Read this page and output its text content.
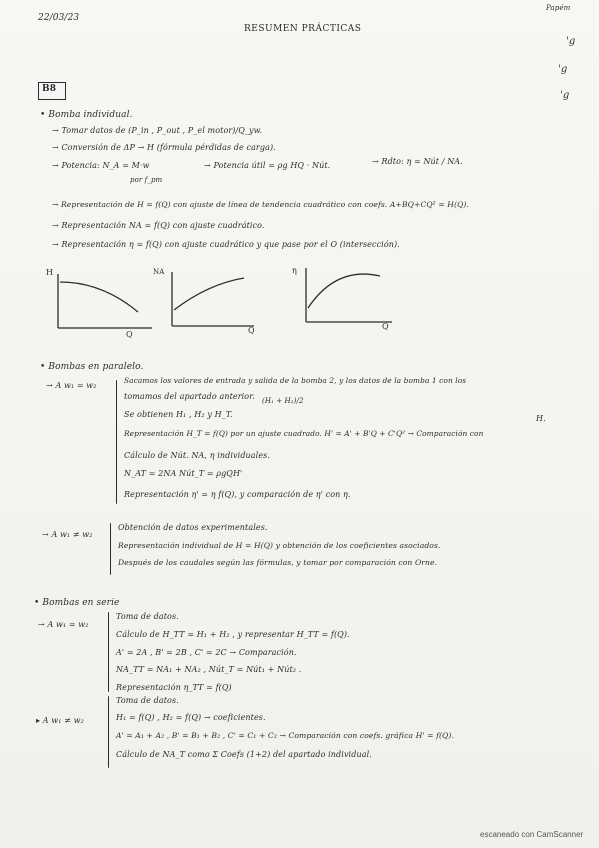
22/03/23
RESUMEN PRÁCTICAS
Papém
'g
'g
'g
B8
• Bomba individual.
→ Tomar datos de (P_in , P_out , P_el motor)/Q_yw.
→ Conversión de ΔP → H (fórmula pérdidas de carga).
→ Potencia: N_A = M·w
por f_pm
→ Potencia útil = ρg HQ · Nút.	→ Rdto: η = Nút / NA.
→ Representación de H = f(Q) con ajuste de línea de tendencia cuadrático con coefs. A+BQ+CQ² = H(Q).
→ Representación NA = f(Q) con ajuste cuadrático.
→ Representación η = f(Q) con ajuste cuadrático y que pase por el O (intersección).
H
Q
NA
Q
η
Q
• Bombas en paralelo.
→ A w₁ = w₂
Sacamos los valores de entrada y salida de la bomba 2, y los datos de la bomba 1 con los
tomamos del apartado anterior. (H₁ + H₂)/2
Se obtienen H₁ , H₂ y H_T.
Representación H_T = f(Q) por un ajuste cuadrado. H' = A' + B'Q + C'Q² → Comparación con
H.
Cálculo de Nút. NA, η individuales.
N_AT = 2NA Nút_T = ρgQH'
Representación η' = η f(Q), y comparación de η' con η.
→ A w₁ ≠ w₂
Obtención de datos experimentales.
Representación individual de H = H(Q) y obtención de los coeficientes asociados.
Después de los caudales según las fórmulas, y tomar por comparación con Orne.
• Bombas en serie
→ A w₁ = w₂
Toma de datos.
Cálculo de H_TT = H₁ + H₂ , y representar H_TT = f(Q).
A' = 2A , B' = 2B , C' = 2C → Comparación.
NA_TT = NA₁ + NA₂ , Nút_T = Nút₁ + Nút₂ .
Representación η_TT = f(Q)
▸ A w₁ ≠ w₂
Toma de datos.
H₁ = f(Q) , H₂ = f(Q) → coeficientes.
A' = A₁ + A₂ , B' = B₁ + B₂ , C' = C₁ + C₂ → Comparación con coefs. gráfica H' = f(Q).
Cálculo de NA_T como Σ Coefs (1+2) del apartado individual.
escaneado con CamScanner
